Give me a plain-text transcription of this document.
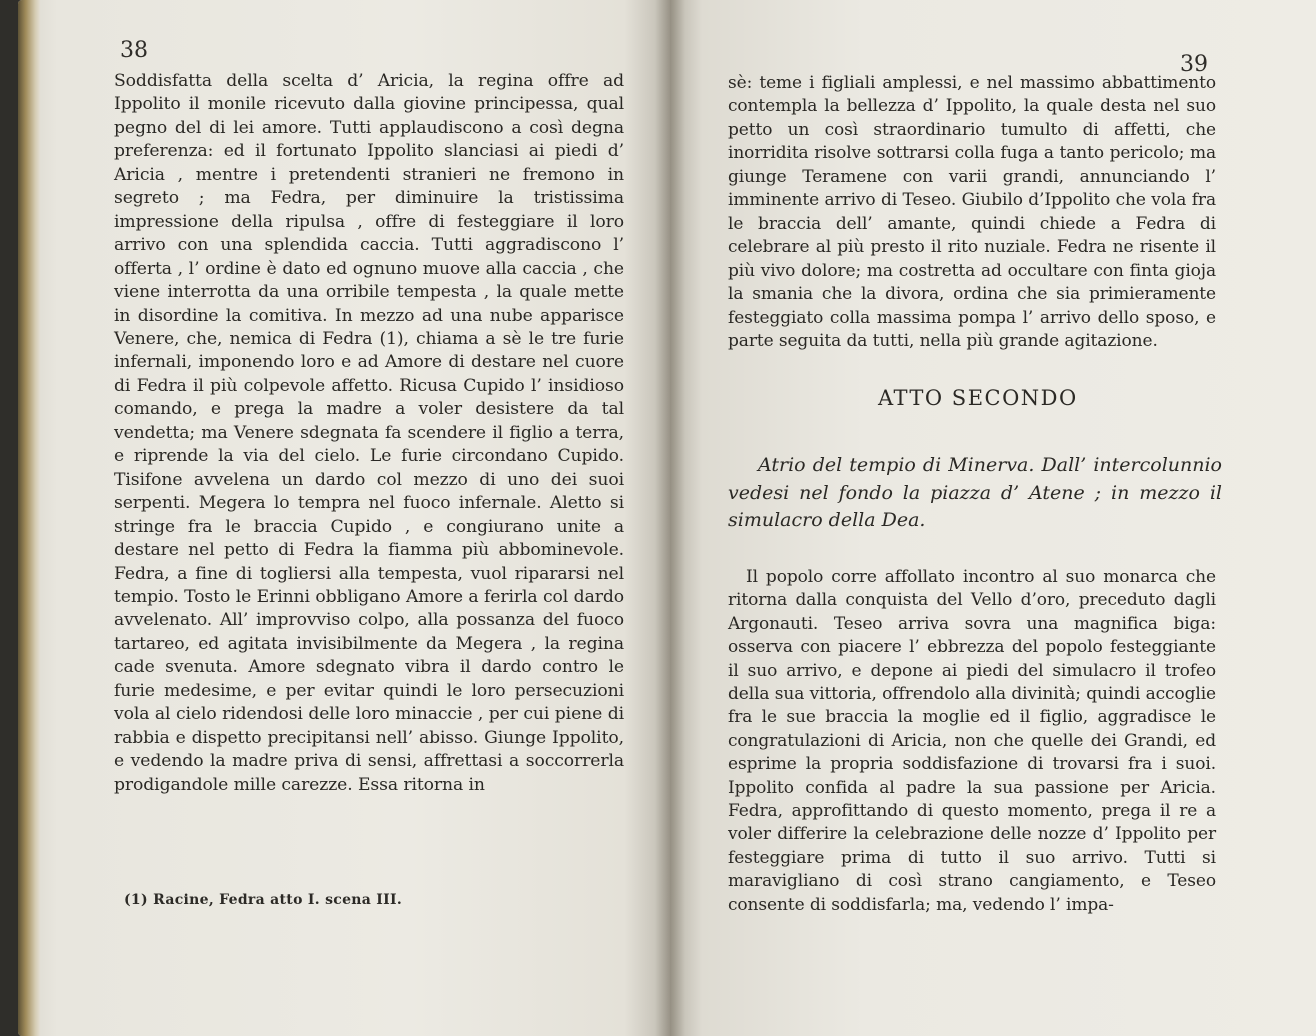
38

Soddisfatta della scelta d’ Aricia, la regina offre ad Ippolito il monile ricevuto dalla giovine principessa, qual pegno del di lei amore. Tutti applaudiscono a così degna preferenza: ed il fortunato Ippolito slanciasi ai piedi d’ Aricia , mentre i pretendenti stranieri ne fremono in segreto ; ma Fedra, per diminuire la tristissima impressione della ripulsa , offre di festeggiare il loro arrivo con una splendida caccia. Tutti aggradiscono l’ offerta , l’ ordine è dato ed ognuno muove alla caccia , che viene interrotta da una orribile tempesta , la quale mette in disordine la comitiva. In mezzo ad una nube apparisce Venere, che, nemica di Fedra (1), chiama a sè le tre furie infernali, imponendo loro e ad Amore di destare nel cuore di Fedra il più colpevole affetto. Ricusa Cupido l’ insidioso comando, e prega la madre a voler desistere da tal vendetta; ma Venere sdegnata fa scendere il figlio a terra, e riprende la via del cielo. Le furie circondano Cupido. Tisifone avvelena un dardo col mezzo di uno dei suoi serpenti. Megera lo tempra nel fuoco infernale. Aletto si stringe fra le braccia Cupido , e congiurano unite a destare nel petto di Fedra la fiamma più abbominevole. Fedra, a fine di togliersi alla tempesta, vuol ripararsi nel tempio. Tosto le Erinni obbligano Amore a ferirla col dardo avvelenato. All’ improvviso colpo, alla possanza del fuoco tartareo, ed agitata invisibilmente da Megera , la regina cade svenuta. Amore sdegnato vibra il dardo contro le furie medesime, e per evitar quindi le loro persecuzioni vola al cielo ridendosi delle loro minaccie , per cui piene di rabbia e dispetto precipitansi nell’ abisso. Giunge Ippolito, e vedendo la madre priva di sensi, affrettasi a soccorrerla prodigandole mille carezze. Essa ritorna in

(1) Racine, Fedra atto I. scena III.
39

sè: teme i figliali amplessi, e nel massimo abbattimento contempla la bellezza d’ Ippolito, la quale desta nel suo petto un così straordinario tumulto di affetti, che inorridita risolve sottrarsi colla fuga a tanto pericolo; ma giunge Teramene con varii grandi, annunciando l’ imminente arrivo di Teseo. Giubilo d’Ippolito che vola fra le braccia dell’ amante, quindi chiede a Fedra di celebrare al più presto il rito nuziale. Fedra ne risente il più vivo dolore; ma costretta ad occultare con finta gioja la smania che la divora, ordina che sia primieramente festeggiato colla massima pompa l’ arrivo dello sposo, e parte seguita da tutti, nella più grande agitazione.

ATTO SECONDO

Atrio del tempio di Minerva. Dall’ intercolunnio vedesi nel fondo la piazza d’ Atene ; in mezzo il simulacro della Dea.

Il popolo corre affollato incontro al suo monarca che ritorna dalla conquista del Vello d’oro, preceduto dagli Argonauti. Teseo arriva sovra una magnifica biga: osserva con piacere l’ ebbrezza del popolo festeggiante il suo arrivo, e depone ai piedi del simulacro il trofeo della sua vittoria, offrendolo alla divinità; quindi accoglie fra le sue braccia la moglie ed il figlio, aggradisce le congratulazioni di Aricia, non che quelle dei Grandi, ed esprime la propria soddisfazione di trovarsi fra i suoi. Ippolito confida al padre la sua passione per Aricia. Fedra, approfittando di questo momento, prega il re a voler differire la celebrazione delle nozze d’ Ippolito per festeggiare prima di tutto il suo arrivo. Tutti si maravigliano di così strano cangiamento, e Teseo consente di soddisfarla; ma, vedendo l’ impa-
